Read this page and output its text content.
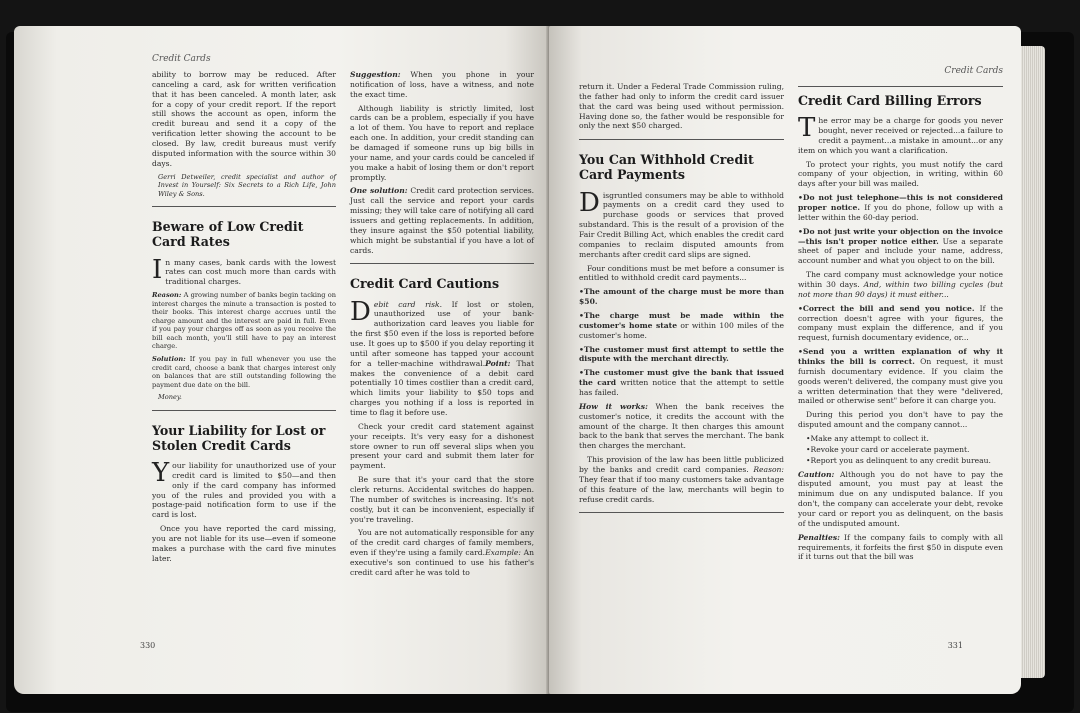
Credit Cards

ability to borrow may be reduced. After canceling a card, ask for written verification that it has been canceled. A month later, ask for a copy of your credit report. If the report still shows the account as open, inform the credit bureau and send it a copy of the verification letter showing the account to be closed. By law, credit bureaus must verify disputed information with the source within 30 days.

Gerri Detweiler, credit specialist and author of Invest in Yourself: Six Secrets to a Rich Life, John Wiley & Sons.

Beware of Low Credit Card Rates

In many cases, bank cards with the lowest rates can cost much more than cards with traditional charges.

Reason: A growing number of banks begin tacking on interest charges the minute a transaction is posted to their books. This interest charge accrues until the charge amount and the interest are paid in full. Even if you pay your charges off as soon as you receive the bill each month, you'll still have to pay an interest charge.

Solution: If you pay in full whenever you use the credit card, choose a bank that charges interest only on balances that are still outstanding following the payment due date on the bill.

Money.

Your Liability for Lost or Stolen Credit Cards

Your liability for unauthorized use of your credit card is limited to $50—and then only if the card company has informed you of the rules and provided you with a postage-paid notification form to use if the card is lost.

Once you have reported the card missing, you are not liable for its use—even if someone makes a purchase with the card five minutes later.

Suggestion: When you phone in your notification of loss, have a witness, and note the exact time.

Although liability is strictly limited, lost cards can be a problem, especially if you have a lot of them. You have to report and replace each one. In addition, your credit standing can be damaged if someone runs up big bills in your name, and your cards could be canceled if you make a habit of losing them or don't report promptly.

One solution: Credit card protection services. Just call the service and report your cards missing; they will take care of notifying all card issuers and getting replacements. In addition, they insure against the $50 potential liability, which might be substantial if you have a lot of cards.

Credit Card Cautions

Debit card risk. If lost or stolen, unauthorized use of your bank-authorization card leaves you liable for the first $50 even if the loss is reported before use. It goes up to $500 if you delay reporting it until after someone has tapped your account for a teller-machine withdrawal.Point: That makes the convenience of a debit card potentially 10 times costlier than a credit card, which limits your liability to $50 tops and charges you nothing if a loss is reported in time to flag it before use.

Check your credit card statement against your receipts. It's very easy for a dishonest store owner to run off several slips when you present your card and submit them later for payment.

Be sure that it's your card that the store clerk returns. Accidental switches do happen. The number of switches is increasing. It's not costly, but it can be inconvenient, especially if you're traveling.

You are not automatically responsible for any of the credit card charges of family members, even if they're using a family card.Example: An executive's son continued to use his father's credit card after he was told to

330
Credit Cards

return it. Under a Federal Trade Commission ruling, the father had only to inform the credit card issuer that the card was being used without permission. Having done so, the father would be responsible for only the next $50 charged.

You Can Withhold Credit Card Payments

Disgruntled consumers may be able to withhold payments on a credit card they used to purchase goods or services that proved substandard. This is the result of a provision of the Fair Credit Billing Act, which enables the credit card companies to reclaim disputed amounts from merchants after credit card slips are signed.

Four conditions must be met before a consumer is entitled to withhold credit card payments...

•The amount of the charge must be more than $50.

•The charge must be made within the customer's home state or within 100 miles of the customer's home.

•The customer must first attempt to settle the dispute with the merchant directly.

•The customer must give the bank that issued the card written notice that the attempt to settle has failed.

How it works: When the bank receives the customer's notice, it credits the account with the amount of the charge. It then charges this amount back to the bank that serves the merchant. The bank then charges the merchant.

This provision of the law has been little publicized by the banks and credit card companies. Reason: They fear that if too many customers take advantage of this feature of the law, merchants will begin to refuse credit cards.

Credit Card Billing Errors

The error may be a charge for goods you never bought, never received or rejected...a failure to credit a payment...a mistake in amount...or any item on which you want a clarification.

To protect your rights, you must notify the card company of your objection, in writing, within 60 days after your bill was mailed.

•Do not just telephone—this is not considered proper notice. If you do phone, follow up with a letter within the 60-day period.

•Do not just write your objection on the invoice—this isn't proper notice either. Use a separate sheet of paper and include your name, address, account number and what you object to on the bill.

The card company must acknowledge your notice within 30 days. And, within two billing cycles (but not more than 90 days) it must either...

•Correct the bill and send you notice. If the correction doesn't agree with your figures, the company must explain the difference, and if you request, furnish documentary evidence, or...

•Send you a written explanation of why it thinks the bill is correct. On request, it must furnish documentary evidence. If you claim the goods weren't delivered, the company must give you a written determination that they were "delivered, mailed or otherwise sent" before it can charge you.

During this period you don't have to pay the disputed amount and the company cannot...

•Make any attempt to collect it.

•Revoke your card or accelerate payment.

•Report you as delinquent to any credit bureau.

Caution: Although you do not have to pay the disputed amount, you must pay at least the minimum due on any undisputed balance. If you don't, the company can accelerate your debt, revoke your card or report you as delinquent, on the basis of the undisputed amount.

Penalties: If the company fails to comply with all requirements, it forfeits the first $50 in dispute even if it turns out that the bill was

331
